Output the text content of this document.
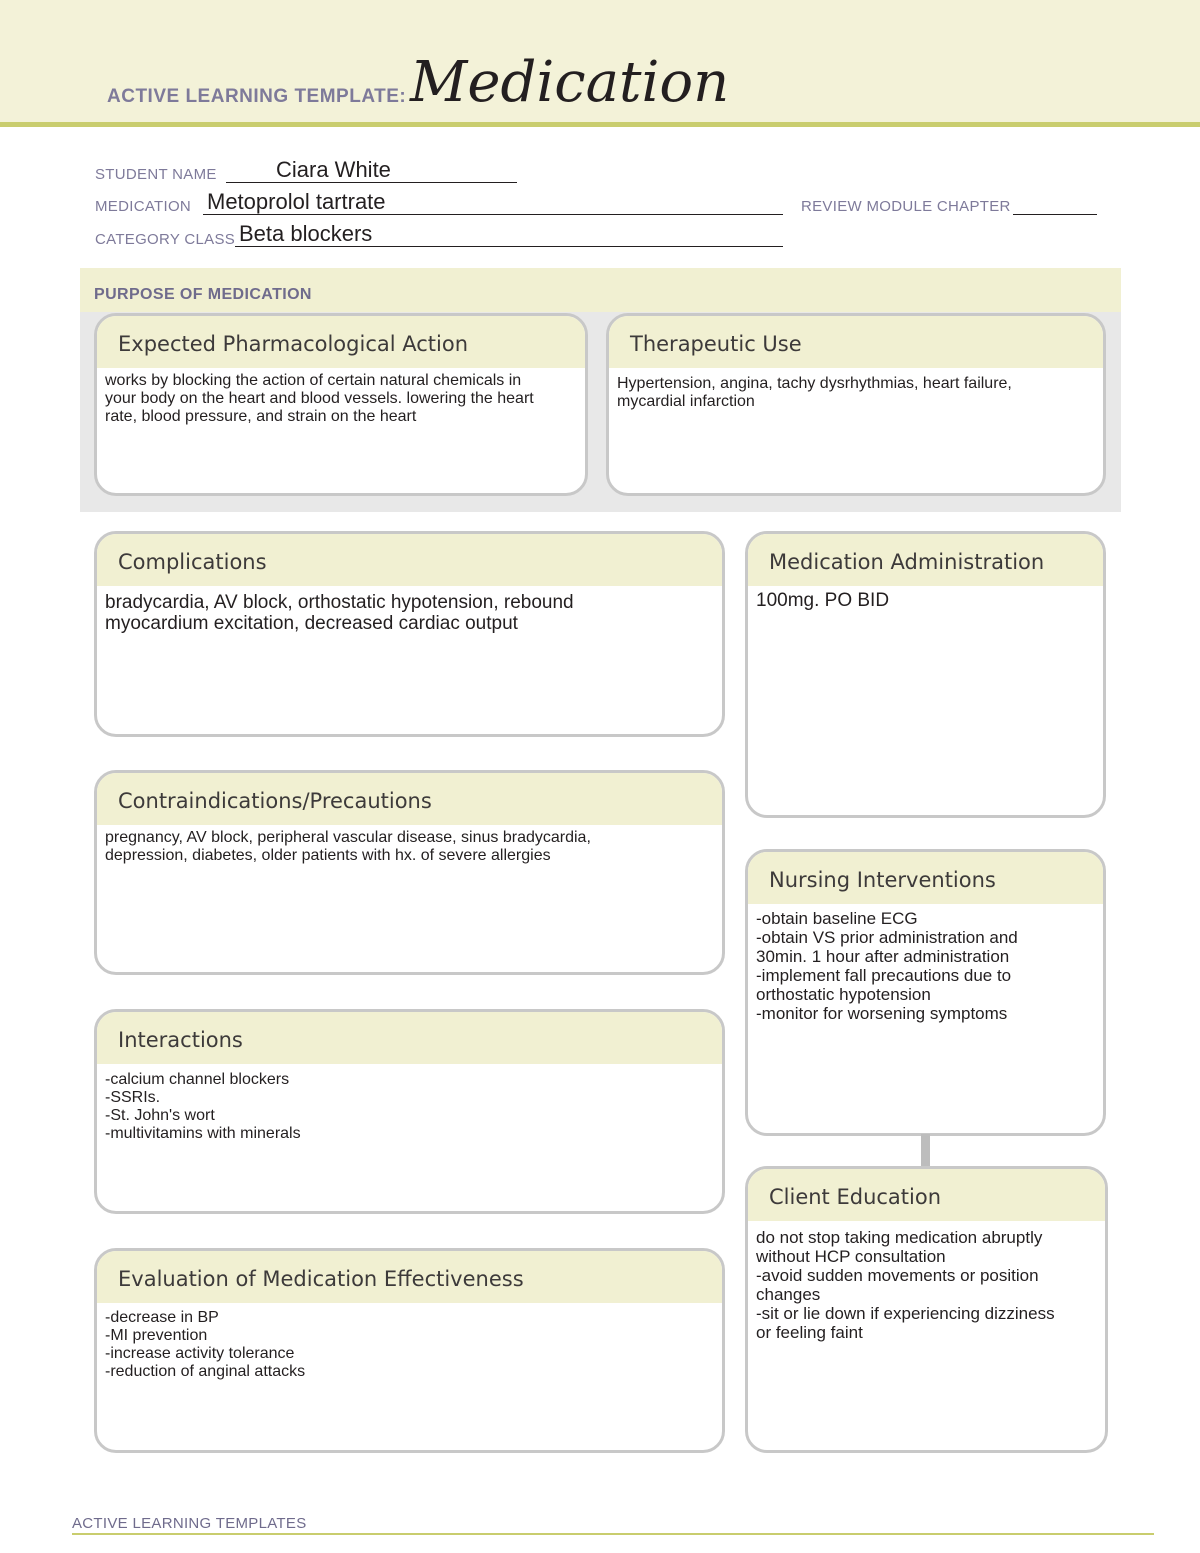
ACTIVE LEARNING TEMPLATE: Medication
STUDENT NAME	Ciara White
MEDICATION Metoprolol tartrate	REVIEW MODULE CHAPTER
CATEGORY CLASS Beta blockers
PURPOSE OF MEDICATION
Expected Pharmacological Action
works by blocking the action of certain natural chemicals in
your body on the heart and blood vessels. lowering the heart
rate, blood pressure, and strain on the heart
Therapeutic Use
Hypertension, angina, tachy dysrhythmias, heart failure,
mycardial infarction
Complications
bradycardia, AV block, orthostatic hypotension, rebound
myocardium excitation, decreased cardiac output
Contraindications/Precautions
pregnancy, AV block, peripheral vascular disease, sinus bradycardia,
depression, diabetes, older patients with hx. of severe allergies
Interactions
-calcium channel blockers
-SSRIs.
-St. John's wort
-multivitamins with minerals
Evaluation of Medication Effectiveness
-decrease in BP
-MI prevention
-increase activity tolerance
-reduction of anginal attacks
Medication Administration
100mg. PO BID
Nursing Interventions
-obtain baseline ECG
-obtain VS prior administration and
30min. 1 hour after administration
-implement fall precautions due to
orthostatic hypotension
-monitor for worsening symptoms
Client Education
do not stop taking medication abruptly
without HCP consultation
-avoid sudden movements or position
changes
-sit or lie down if experiencing dizziness
or feeling faint
ACTIVE LEARNING TEMPLATES
